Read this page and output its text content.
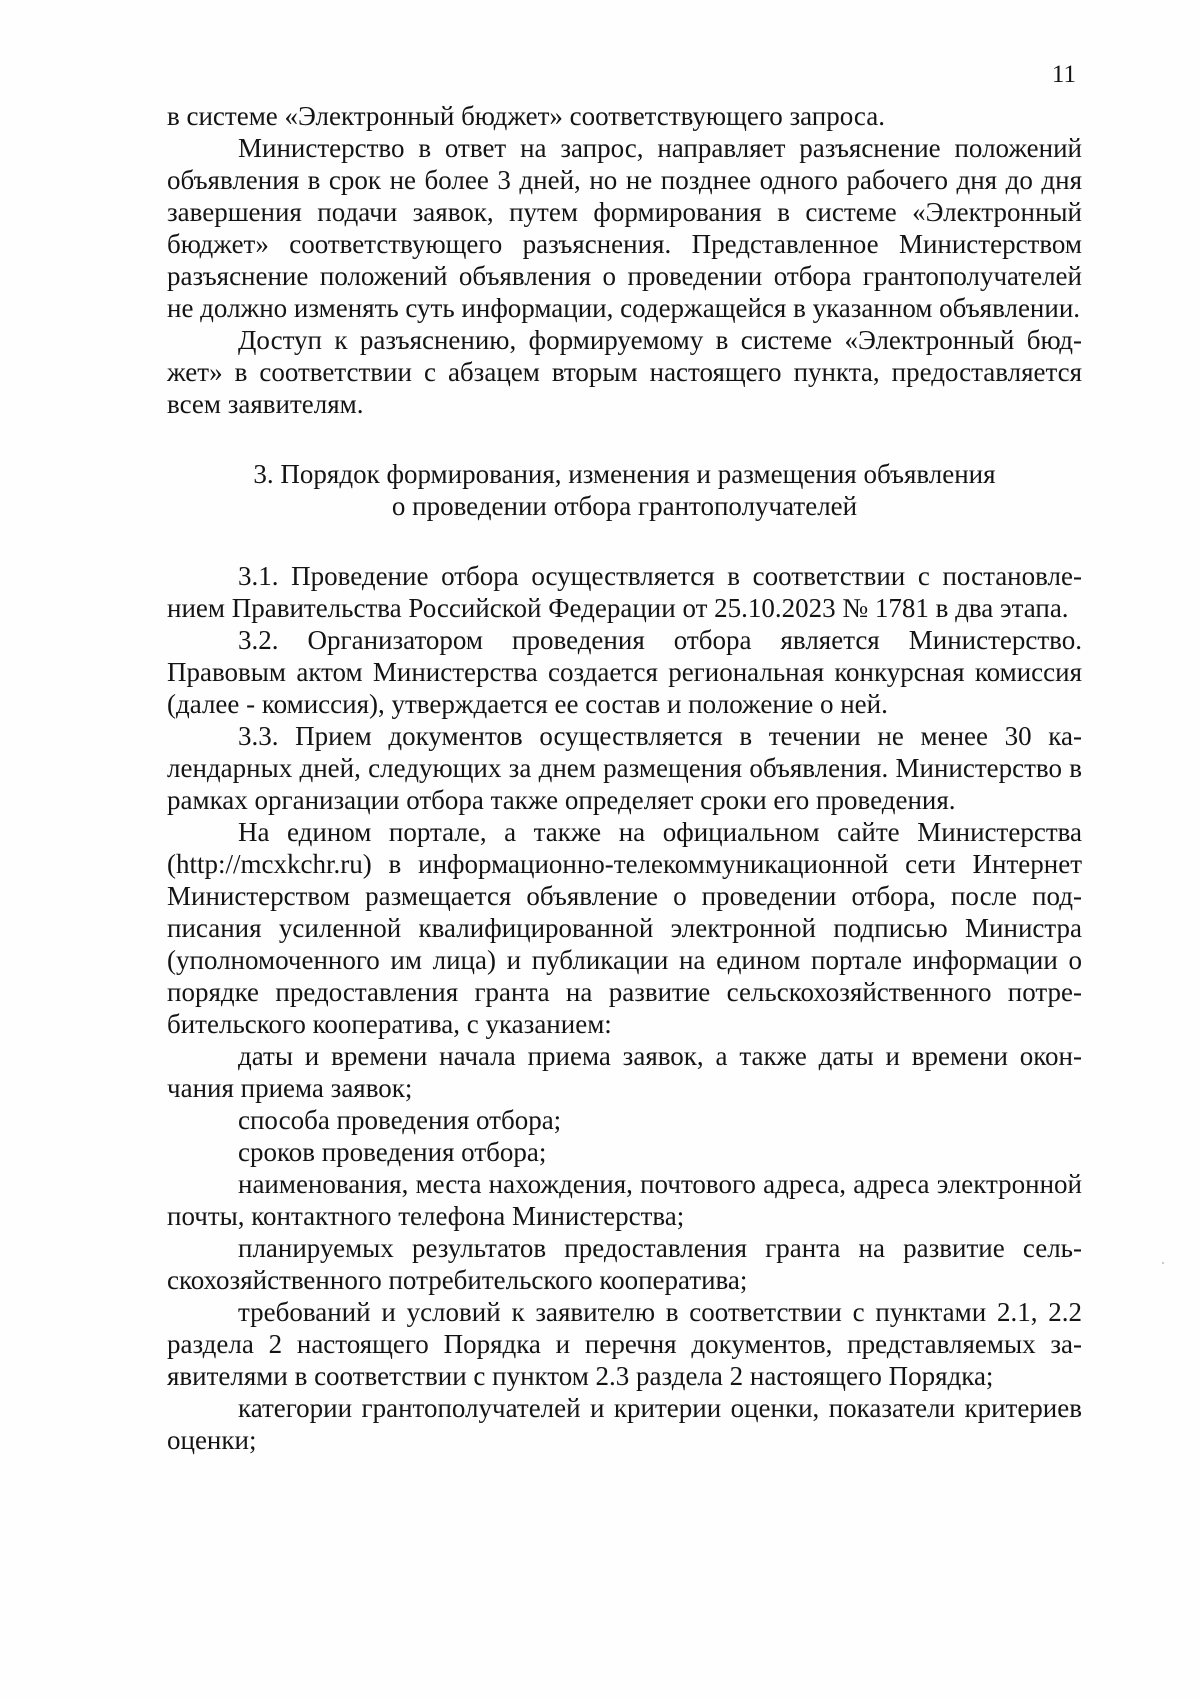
11

в системе «Электронный бюджет» соответствующего запроса.

Министерство в ответ на запрос, направляет разъяснение положений объявления в срок не более 3 дней, но не позднее одного рабочего дня до дня завершения подачи заявок, путем формирования в системе «Электронный бюджет» соответствующего разъяснения. Представленное Министерством разъяснение положений объявления о проведении отбора грантополучателей не должно изменять суть информации, содержащейся в указанном объявлении.

Доступ к разъяснению, формируемому в системе «Электронный бюджет» в соответствии с абзацем вторым настоящего пункта, предоставляется всем заявителям.

3. Порядок формирования, изменения и размещения объявления
о проведении отбора грантополучателей

3.1. Проведение отбора осуществляется в соответствии с постановлением Правительства Российской Федерации от 25.10.2023 № 1781 в два этапа.

3.2. Организатором проведения отбора является Министерство. Правовым актом Министерства создается региональная конкурсная комиссия (далее - комиссия), утверждается ее состав и положение о ней.

3.3. Прием документов осуществляется в течении не менее 30 календарных дней, следующих за днем размещения объявления. Министерство в рамках организации отбора также определяет сроки его проведения.

На едином портале, а также на официальном сайте Министерства (http://mcxkchr.ru) в информационно-телекоммуникационной сети Интернет Министерством размещается объявление о проведении отбора, после подписания усиленной квалифицированной электронной подписью Министра (уполномоченного им лица) и публикации на едином портале информации о порядке предоставления гранта на развитие сельскохозяйственного потребительского кооператива, с указанием:

даты и времени начала приема заявок, а также даты и времени окончания приема заявок;

способа проведения отбора;

сроков проведения отбора;

наименования, места нахождения, почтового адреса, адреса электронной почты, контактного телефона Министерства;

планируемых результатов предоставления гранта на развитие сельскохозяйственного потребительского кооператива;

требований и условий к заявителю в соответствии с пунктами 2.1, 2.2 раздела 2 настоящего Порядка и перечня документов, представляемых заявителями в соответствии с пунктом 2.3 раздела 2 настоящего Порядка;

категории грантополучателей и критерии оценки, показатели критериев оценки;
